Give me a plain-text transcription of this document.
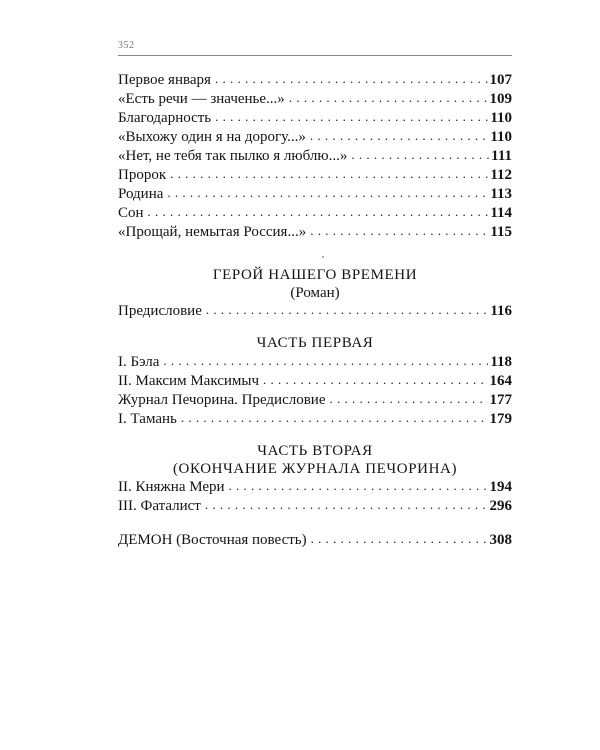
352
Первое января . . .	107
«Есть речи — значенье...» . . .	109
Благодарность . . .	110
«Выхожу один я на дорогу...» . . .	110
«Нет, не тебя так пылко я люблю...» . . .	111
Пророк . . .	112
Родина . . .	113
Сон . . .	114
«Прощай, немытая Россия...» . . .	115
ГЕРОЙ НАШЕГО ВРЕМЕНИ
(Роман)
Предисловие . . .	116
ЧАСТЬ ПЕРВАЯ
I. Бэла . . .	118
II. Максим Максимыч . . .	164
Журнал Печорина. Предисловие . . .	177
I. Тамань . . .	179
ЧАСТЬ ВТОРАЯ
(ОКОНЧАНИЕ ЖУРНАЛА ПЕЧОРИНА)
II. Княжна Мери . . .	194
III. Фаталист . . .	296
ДЕМОН (Восточная повесть) . . .	308
